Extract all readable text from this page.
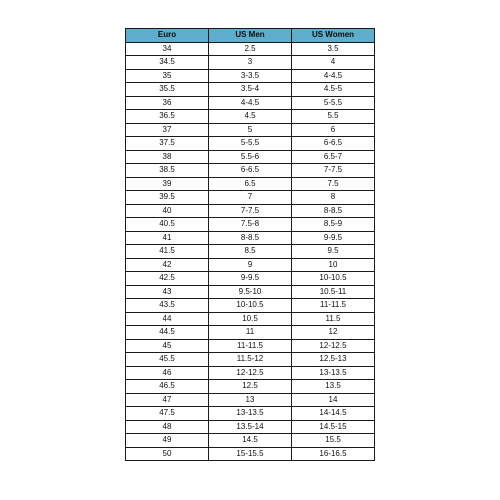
Euro	US Men	US Women
34	2.5	3.5
34.5	3	4
35	3-3.5	4-4.5
35.5	3.5-4	4.5-5
36	4-4.5	5-5.5
36.5	4.5	5.5
37	5	6
37.5	5-5.5	6-6.5
38	5.5-6	6.5-7
38.5	6-6.5	7-7.5
39	6.5	7.5
39.5	7	8
40	7-7.5	8-8.5
40.5	7.5-8	8.5-9
41	8-8.5	9-9.5
41.5	8.5	9.5
42	9	10
42.5	9-9.5	10-10.5
43	9.5-10	10.5-11
43.5	10-10.5	11-11.5
44	10.5	11.5
44.5	11	12
45	11-11.5	12-12.5
45.5	11.5-12	12.5-13
46	12-12.5	13-13.5
46.5	12.5	13.5
47	13	14
47.5	13-13.5	14-14.5
48	13.5-14	14.5-15
49	14.5	15.5
50	15-15.5	16-16.5
